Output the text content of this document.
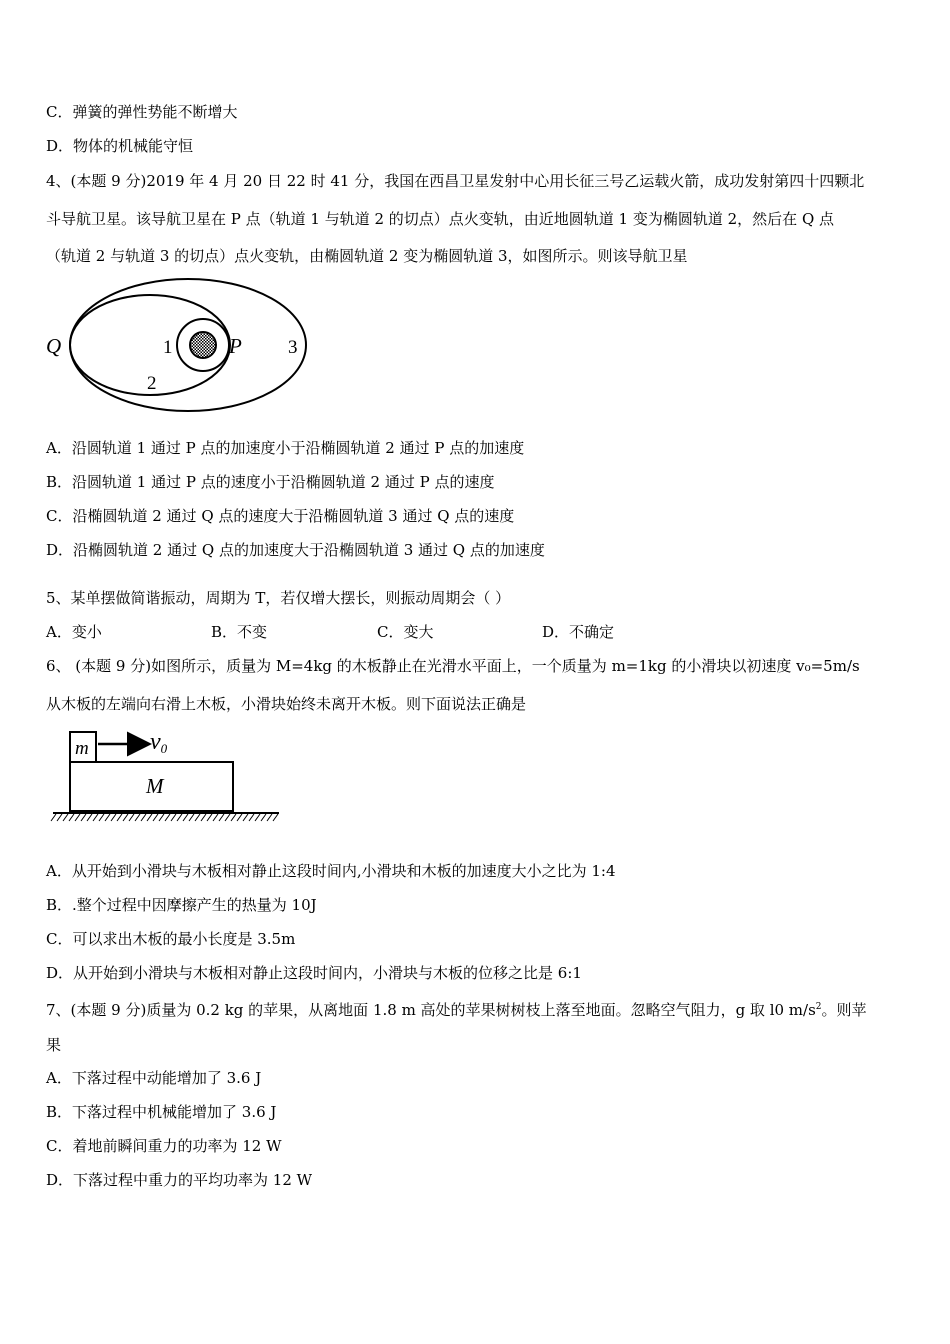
C．弹簧的弹性势能不断增大
D．物体的机械能守恒
4、(本题 9 分)2019 年 4 月 20 日 22 时 41 分，我国在西昌卫星发射中心用长征三号乙运载火箭，成功发射第四十四颗北
斗导航卫星。该导航卫星在 P 点（轨道 1 与轨道 2 的切点）点火变轨，由近地圆轨道 1 变为椭圆轨道 2，然后在 Q 点
（轨道 2 与轨道 3 的切点）点火变轨，由椭圆轨道 2 变为椭圆轨道 3，如图所示。则该导航卫星
Q	1	P
2
3
A．沿圆轨道 1 通过 P 点的加速度小于沿椭圆轨道 2 通过 P 点的加速度
B．沿圆轨道 1 通过 P 点的速度小于沿椭圆轨道 2 通过 P 点的速度
C．沿椭圆轨道 2 通过 Q 点的速度大于沿椭圆轨道 3 通过 Q 点的速度
D．沿椭圆轨道 2 通过 Q 点的加速度大于沿椭圆轨道 3 通过 Q 点的加速度
5、某单摆做简谐振动，周期为 T，若仅增大摆长，则振动周期会（ ）
A．变小	B．不变	C．变大	D．不确定
6、 (本题 9 分)如图所示，质量为 M=4kg 的木板静止在光滑水平面上，一个质量为 m=1kg 的小滑块以初速度 v₀=5m/s
从木板的左端向右滑上木板，小滑块始终未离开木板。则下面说法正确是
m	v0
M
A．从开始到小滑块与木板相对静止这段时间内,小滑块和木板的加速度大小之比为 1:4
B．.整个过程中因摩擦产生的热量为 10J
C．可以求出木板的最小长度是 3.5m
D．从开始到小滑块与木板相对静止这段时间内，小滑块与木板的位移之比是 6:1
7、(本题 9 分)质量为 0.2 kg 的苹果，从离地面 1.8 m 高处的苹果树树枝上落至地面。忽略空气阻力，g 取 l0 $m/s^2$。则苹
果
A．下落过程中动能增加了 3.6 J
B．下落过程中机械能增加了 3.6 J
C．着地前瞬间重力的功率为 12 W
D．下落过程中重力的平均功率为 12 W
